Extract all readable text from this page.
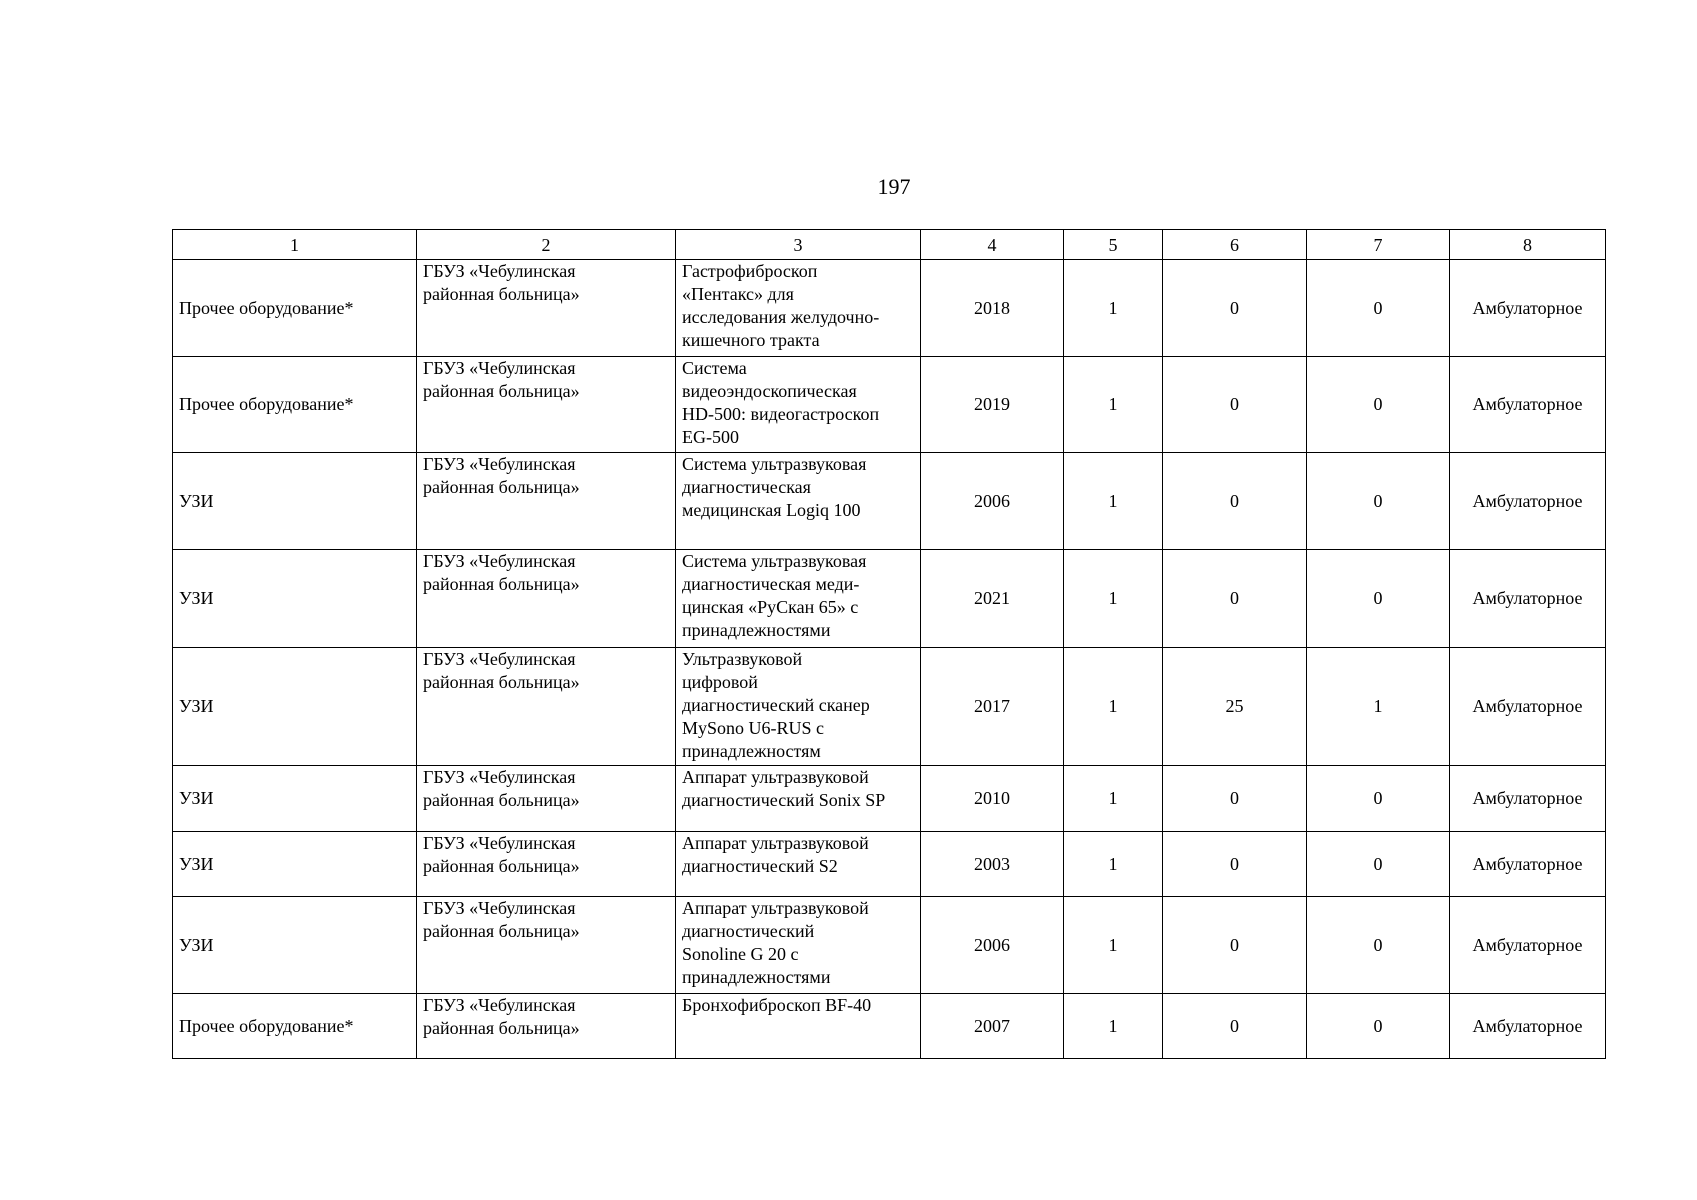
197
1	2	3	4	5	6	7	8
Прочее оборудование*	ГБУЗ «Чебулинская
районная больница»	Гастрофиброскоп
«Пентакс» для
исследования желудочно-
кишечного тракта	2018	1	0	0	Амбулаторное
Прочее оборудование*	ГБУЗ «Чебулинская
районная больница»	Система
видеоэндоскопическая
HD-500: видеогастроскоп
EG-500	2019	1	0	0	Амбулаторное
УЗИ	ГБУЗ «Чебулинская
районная больница»	Система ультразвуковая
диагностическая
медицинская Logiq 100	2006	1	0	0	Амбулаторное
УЗИ	ГБУЗ «Чебулинская
районная больница»	Система ультразвуковая
диагностическая меди-
цинская «РуСкан 65» с
принадлежностями	2021	1	0	0	Амбулаторное
УЗИ	ГБУЗ «Чебулинская
районная больница»	Ультразвуковой
цифровой
диагностический сканер
MySono U6-RUS с
принадлежностям	2017	1	25	1	Амбулаторное
УЗИ	ГБУЗ «Чебулинская
районная больница»	Аппарат ультразвуковой
диагностический Sonix SP	2010	1	0	0	Амбулаторное
УЗИ	ГБУЗ «Чебулинская
районная больница»	Аппарат ультразвуковой
диагностический S2	2003	1	0	0	Амбулаторное
УЗИ	ГБУЗ «Чебулинская
районная больница»	Аппарат ультразвуковой
диагностический
Sonoline G 20 с
принадлежностями	2006	1	0	0	Амбулаторное
Прочее оборудование*	ГБУЗ «Чебулинская
районная больница»	Бронхофиброскоп BF-40	2007	1	0	0	Амбулаторное
